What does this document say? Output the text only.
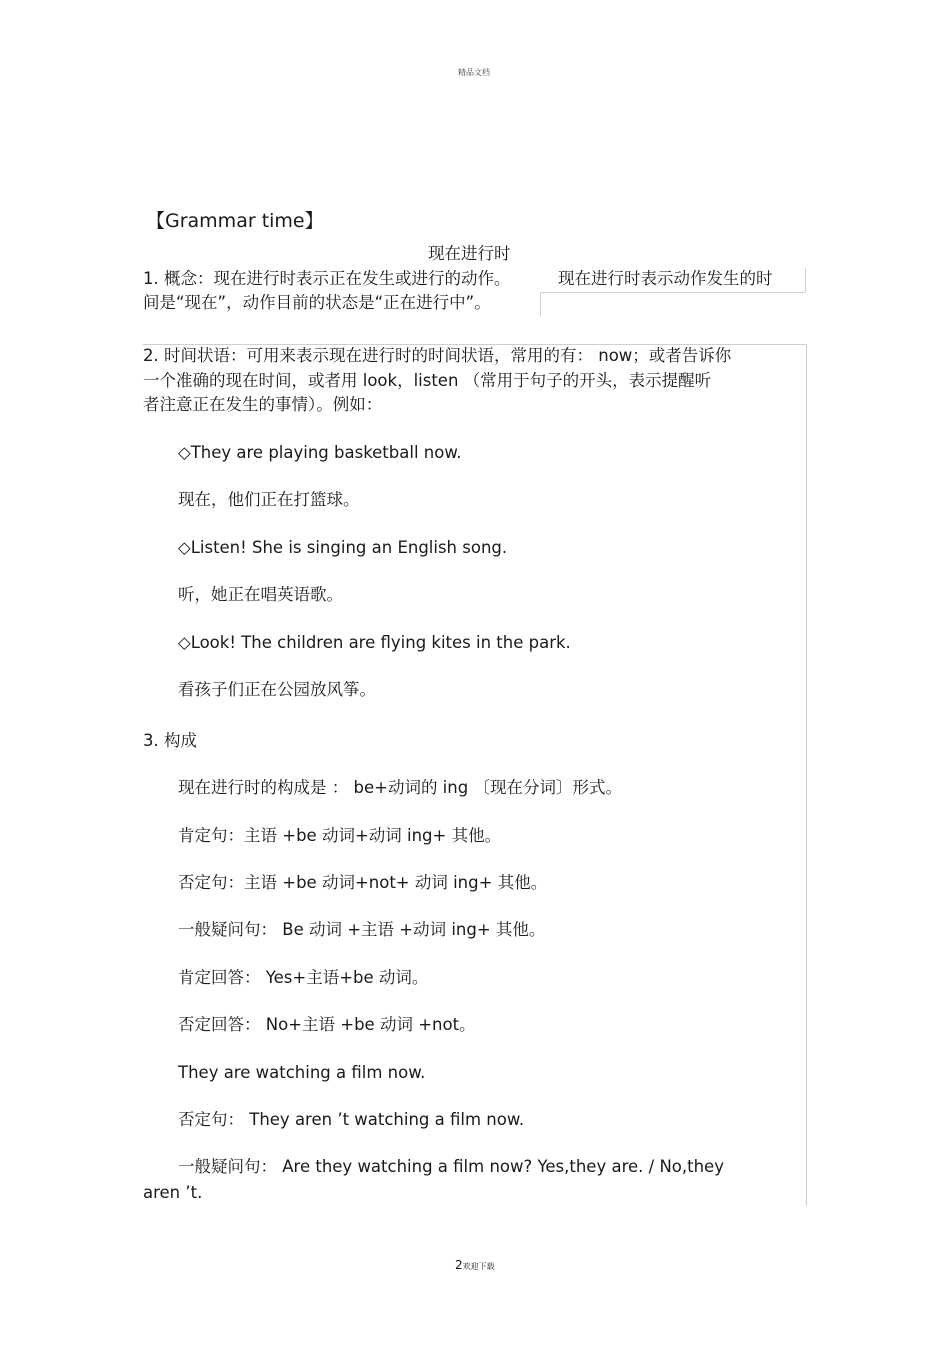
精品文档
【Grammar time】
现在进行时
1. 概念：现在进行时表示正在发生或进行的动作。	现在进行时表示动作发生的时
间是“现在”，动作目前的状态是“正在进行中”。
2. 时间状语：可用来表示现在进行时的时间状语，常用的有： now；或者告诉你
一个准确的现在时间，或者用 look，listen （常用于句子的开头，表示提醒听
者注意正在发生的事情）。例如：
◇They are playing basketball now.
现在，他们正在打篮球。
◇Listen! She is singing an English song.
听，她正在唱英语歌。
◇Look! The children are flying kites in the park.
看孩子们正在公园放风筝。
3. 构成
现在进行时的构成是 ： be+动词的 ing 〔现在分词〕形式。
肯定句：主语 +be 动词+动词 ing+ 其他。
否定句：主语 +be 动词+not+ 动词 ing+ 其他。
一般疑问句： Be 动词 +主语 +动词 ing+ 其他。
肯定回答： Yes+主语+be 动词。
否定回答： No+主语 +be 动词 +not。
They are watching a film now.
否定句： They aren ’t watching a film now.
一般疑问句： Are they watching a film now? Yes,they are. / No,they
aren ’t.
2欢迎下载
